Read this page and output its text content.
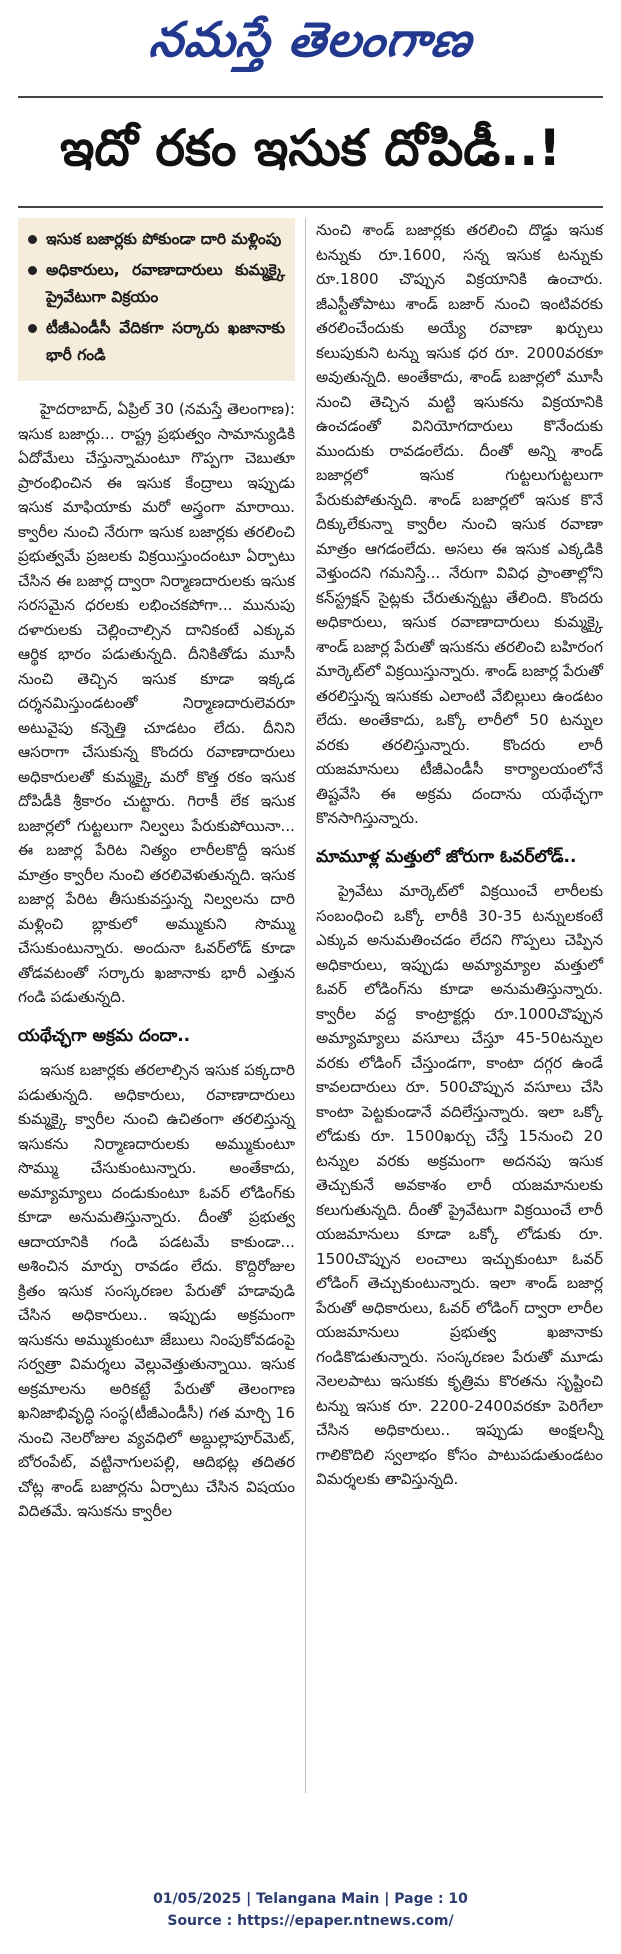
నమస్తే తెలంగాణ
ఇదో రకం ఇసుక దోపిడీ..!
ఇసుక బజార్లకు పోకుండా దారి మళ్లింపు
అధికారులు, రవాణాదారులు కుమ్మక్కై ప్రైవేటుగా విక్రయం
టీజీఎండీసీ వేదికగా సర్కారు ఖజానాకు భారీ గండి

హైదరాబాద్‌, ఏప్రిల్‌ 30 (నమస్తే తెలంగాణ): ఇసుక బజార్లు... రాష్ట్ర ప్రభుత్వం సామాన్యుడికి ఏదోమేలు చేస్తున్నామంటూ గొప్పగా చెబుతూ ప్రారంభించిన ఈ ఇసుక కేంద్రాలు ఇప్పుడు ఇసుక మాఫియాకు మరో అస్త్రంగా మారాయి. క్వారీల నుంచి నేరుగా ఇసుక బజార్లకు తరలించి ప్రభుత్వమే ప్రజలకు విక్రయిస్తుందంటూ ఏర్పాటు చేసిన ఈ బజార్ల ద్వారా నిర్మాణదారులకు ఇసుక సరసమైన ధరలకు లభించకపోగా... మునుపు దళారులకు చెల్లించాల్సిన దానికంటే ఎక్కువ ఆర్థిక భారం పడుతున్నది. దీనికితోడు మూసీ నుంచి తెచ్చిన ఇసుక కూడా ఇక్కడ దర్శనమిస్తుండటంతో నిర్మాణదారులెవరూ అటువైపు కన్నెత్తి చూడటం లేదు. దీనిని ఆసరాగా చేసుకున్న కొందరు రవాణాదారులు అధికారులతో కుమ్మక్కై మరో కొత్త రకం ఇసుక దోపిడీకి శ్రీకారం చుట్టారు. గిరాకీ లేక ఇసుక బజార్లలో గుట్టలుగా నిల్వలు పేరుకుపోయినా... ఈ బజార్ల పేరిట నిత్యం లారీలకొద్దీ ఇసుక మాత్రం క్వారీల నుంచి తరలివెళుతున్నది. ఇసుక బజార్ల పేరిట తీసుకువస్తున్న నిల్వలను దారి మళ్లించి బ్లాకులో అమ్ముకుని సొమ్ము చేసుకుంటున్నారు. అందునా ఓవర్‌లోడ్‌ కూడా తోడవటంతో సర్కారు ఖజానాకు భారీ ఎత్తున గండి పడుతున్నది.

యథేచ్ఛగా అక్రమ దందా..

ఇసుక బజార్లకు తరలాల్సిన ఇసుక పక్కదారి పడుతున్నది. అధికారులు, రవాణాదారులు కుమ్మక్కై క్వారీల నుంచి ఉచితంగా తరలిస్తున్న ఇసుకను నిర్మాణదారులకు అమ్ముకుంటూ సొమ్ము చేసుకుంటున్నారు. అంతేకాదు, అమ్యామ్యాలు దండుకుంటూ ఓవర్‌ లోడింగ్‌కు కూడా అనుమతిస్తున్నారు. దీంతో ప్రభుత్వ ఆదాయానికి గండి పడటమే కాకుండా... అశించిన మార్పు రావడం లేదు. కొద్దిరోజుల క్రితం ఇసుక సంస్కరణల పేరుతో హడావుడి చేసిన అధికారులు.. ఇప్పుడు అక్రమంగా ఇసుకను అమ్ముకుంటూ జేబులు నింపుకోవడంపై సర్వత్రా విమర్శలు వెల్లువెత్తుతున్నాయి. ఇసుక అక్రమాలను అరికట్టే పేరుతో తెలంగాణ ఖనిజాభివృద్ధి సంస్థ(టీజీఎండీసీ) గత మార్చి 16 నుంచి నెలరోజుల వ్యవధిలో అబ్దుల్లాపూర్‌మెట్‌, బోరంపేట్‌, వట్టినాగులపల్లి, ఆదిభట్ల తదితర చోట్ల శాండ్‌ బజార్లను ఏర్పాటు చేసిన విషయం విదితమే. ఇసుకను క్వారీల

నుంచి శాండ్‌ బజార్లకు తరలించి దొడ్డు ఇసుక టన్నుకు రూ.1600, సన్న ఇసుక టన్నుకు రూ.1800 చొప్పున విక్రయానికి ఉంచారు. జీఎస్టీతోపాటు శాండ్‌ బజార్‌ నుంచి ఇంటివరకు తరలించేందుకు అయ్యే రవాణా ఖర్చులు కలుపుకుని టన్ను ఇసుక ధర రూ. 2000వరకూ అవుతున్నది. అంతేకాదు, శాండ్‌ బజార్లలో మూసీ నుంచి తెచ్చిన మట్టి ఇసుకను విక్రయానికి ఉంచడంతో వినియోగదారులు కొనేందుకు ముందుకు రావడంలేదు. దీంతో అన్ని శాండ్‌ బజార్లలో ఇసుక గుట్టలుగుట్టలుగా పేరుకుపోతున్నది. శాండ్‌ బజార్లలో ఇసుక కొనే దిక్కులేకున్నా క్వారీల నుంచి ఇసుక రవాణా మాత్రం ఆగడంలేదు. అసలు ఈ ఇసుక ఎక్కడికి వెళ్తుందని గమనిస్తే... నేరుగా వివిధ ప్రాంతాల్లోని కన్‌స్ట్రక్షన్‌ సైట్లకు చేరుతున్నట్టు తేలింది. కొందరు అధికారులు, ఇసుక రవాణాదారులు కుమ్మక్కై శాండ్‌ బజార్ల పేరుతో ఇసుకను తరలించి బహిరంగ మార్కెట్‌లో విక్రయిస్తున్నారు. శాండ్‌ బజార్ల పేరుతో తరలిస్తున్న ఇసుకకు ఎలాంటి వేబిల్లులు ఉండటం లేదు. అంతేకాదు, ఒక్కో లారీలో 50 టన్నుల వరకు తరలిస్తున్నారు. కొందరు లారీ యజమానులు టీజీఎండీసీ కార్యాలయంలోనే తిష్టవేసి ఈ అక్రమ దందాను యథేచ్ఛగా కొనసాగిస్తున్నారు.

మామూళ్ల మత్తులో జోరుగా ఓవర్‌లోడ్‌..

ప్రైవేటు మార్కెట్‌లో విక్రయించే లారీలకు సంబంధించి ఒక్కో లారీకి 30-35 టన్నులకంటే ఎక్కువ అనుమతించడం లేదని గొప్పలు చెప్పిన అధికారులు, ఇప్పుడు అమ్యామ్యాల మత్తులో ఓవర్‌ లోడింగ్‌ను కూడా అనుమతిస్తున్నారు. క్వారీల వద్ద కాంట్రాక్టర్లు రూ.1000చొప్పున అమ్యామ్యాలు వసూలు చేస్తూ 45-50టన్నుల వరకు లోడింగ్‌ చేస్తుండగా, కాంటా దగ్గర ఉండే కావలదారులు రూ. 500చొప్పున వసూలు చేసి కాంటా పెట్టకుండానే వదిలేస్తున్నారు. ఇలా ఒక్కో లోడుకు రూ. 1500ఖర్చు చేస్తే 15నుంచి 20 టన్నుల వరకు అక్రమంగా అదనపు ఇసుక తెచ్చుకునే అవకాశం లారీ యజమానులకు కలుగుతున్నది. దీంతో ప్రైవేటుగా విక్రయించే లారీ యజమానులు కూడా ఒక్కో లోడుకు రూ. 1500చొప్పున లంచాలు ఇచ్చుకుంటూ ఓవర్‌ లోడింగ్‌ తెచ్చుకుంటున్నారు. ఇలా శాండ్‌ బజార్ల పేరుతో అధికారులు, ఓవర్‌ లోడింగ్‌ ద్వారా లారీల యజమానులు ప్రభుత్వ ఖజానాకు గండికొడుతున్నారు. సంస్కరణల పేరుతో మూడు నెలలపాటు ఇసుకకు కృత్రిమ కొరతను సృష్టించి టన్ను ఇసుక రూ. 2200-2400వరకూ పెరిగేలా చేసిన అధికారులు.. ఇప్పుడు అంక్షలన్నీ గాలికొదిలి స్వలాభం కోసం పాటుపడుతుండటం విమర్శలకు తావిస్తున్నది.

01/05/2025 | Telangana Main | Page : 10
Source : https://epaper.ntnews.com/
